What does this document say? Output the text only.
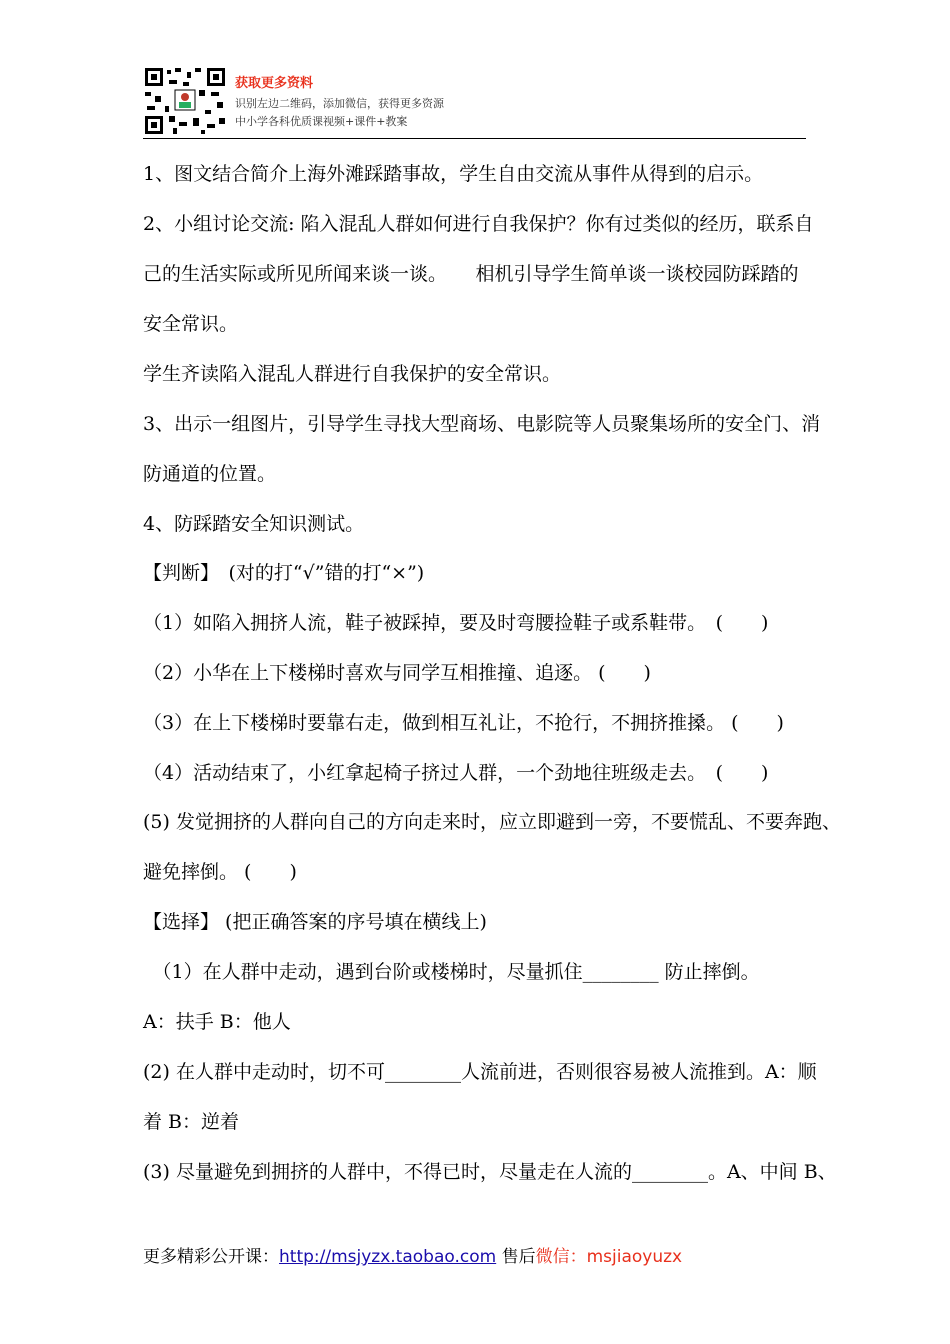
获取更多资料
识别左边二维码，添加微信，获得更多资源
中小学各科优质课视频+课件+教案
1、图文结合简介上海外滩踩踏事故，学生自由交流从事件从得到的启示。
2、小组讨论交流: 陷入混乱人群如何进行自我保护？你有过类似的经历，联系自
己的生活实际或所见所闻来谈一谈。　　相机引导学生简单谈一谈校园防踩踏的
安全常识。
学生齐读陷入混乱人群进行自我保护的安全常识。
3、出示一组图片，引导学生寻找大型商场、电影院等人员聚集场所的安全门、消
防通道的位置。
4、防踩踏安全知识测试。
【判断】　(对的打“√”错的打“×”)
（1）如陷入拥挤人流，鞋子被踩掉，要及时弯腰捡鞋子或系鞋带。　(　　)
（2）小华在上下楼梯时喜欢与同学互相推撞、追逐。 (　　)
（3）在上下楼梯时要靠右走，做到相互礼让，不抢行，不拥挤推搡。 (　　)
（4）活动结束了，小红拿起椅子挤过人群，一个劲地往班级走去。　(　　)
(5) 发觉拥挤的人群向自己的方向走来时，应立即避到一旁，不要慌乱、不要奔跑、
避免摔倒。 (　　)
【选择】 (把正确答案的序号填在横线上)
　（1）在人群中走动，遇到台阶或楼梯时，尽量抓住________ 防止摔倒。
A：扶手 B：他人
(2) 在人群中走动时，切不可________人流前进，否则很容易被人流推到。A：顺
着 B：逆着
(3) 尽量避免到拥挤的人群中，不得已时，尽量走在人流的________。A、中间 B、
更多精彩公开课：http://msjyzx.taobao.com 售后微信：msjiaoyuzx
